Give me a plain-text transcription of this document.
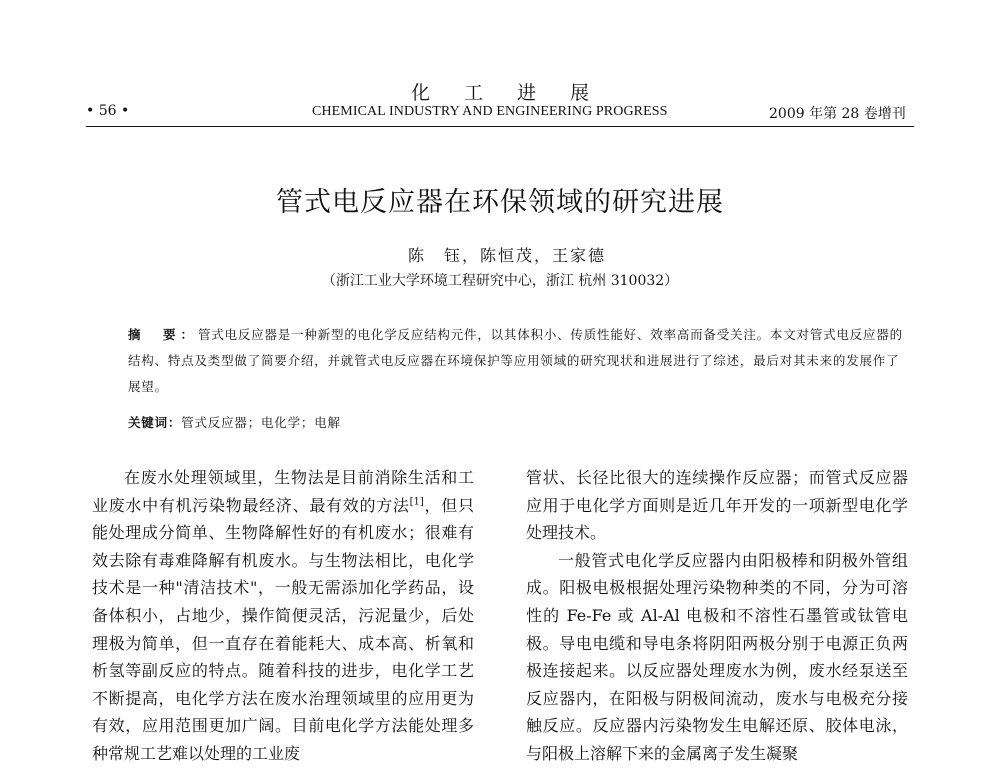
化工进展
• 56 •	CHEMICAL INDUSTRY AND ENGINEERING PROGRESS	2009 年第 28 卷增刊
管式电反应器在环保领域的研究进展
陈　钰，陈恒茂，王家德
（浙江工业大学环境工程研究中心，浙江 杭州 310032）
摘　要：管式电反应器是一种新型的电化学反应结构元件，以其体积小、传质性能好、效率高而备受关注。本文对管式电反应器的结构、特点及类型做了简要介绍，并就管式电反应器在环境保护等应用领域的研究现状和进展进行了综述，最后对其未来的发展作了展望。
关键词：管式反应器；电化学；电解

在废水处理领域里，生物法是目前消除生活和工业废水中有机污染物最经济、最有效的方法[1]，但只能处理成分简单、生物降解性好的有机废水；很难有效去除有毒难降解有机废水。与生物法相比，电化学技术是一种"清洁技术"，一般无需添加化学药品，设备体积小，占地少，操作简便灵活，污泥量少，后处理极为简单，但一直存在着能耗大、成本高、析氧和析氢等副反应的特点。随着科技的进步，电化学工艺不断提高，电化学方法在废水治理领域里的应用更为有效，应用范围更加广阔。目前电化学方法能处理多种常规工艺难以处理的工业废

管状、长径比很大的连续操作反应器；而管式反应器应用于电化学方面则是近几年开发的一项新型电化学处理技术。

一般管式电化学反应器内由阳极棒和阴极外管组成。阳极电极根据处理污染物种类的不同，分为可溶性的 Fe-Fe 或 Al-Al 电极和不溶性石墨管或钛管电极。导电电缆和导电条将阴阳两极分别于电源正负两极连接起来。以反应器处理废水为例，废水经泵送至反应器内，在阳极与阴极间流动，废水与电极充分接触反应。反应器内污染物发生电解还原、胶体电泳，与阳极上溶解下来的金属离子发生凝聚
